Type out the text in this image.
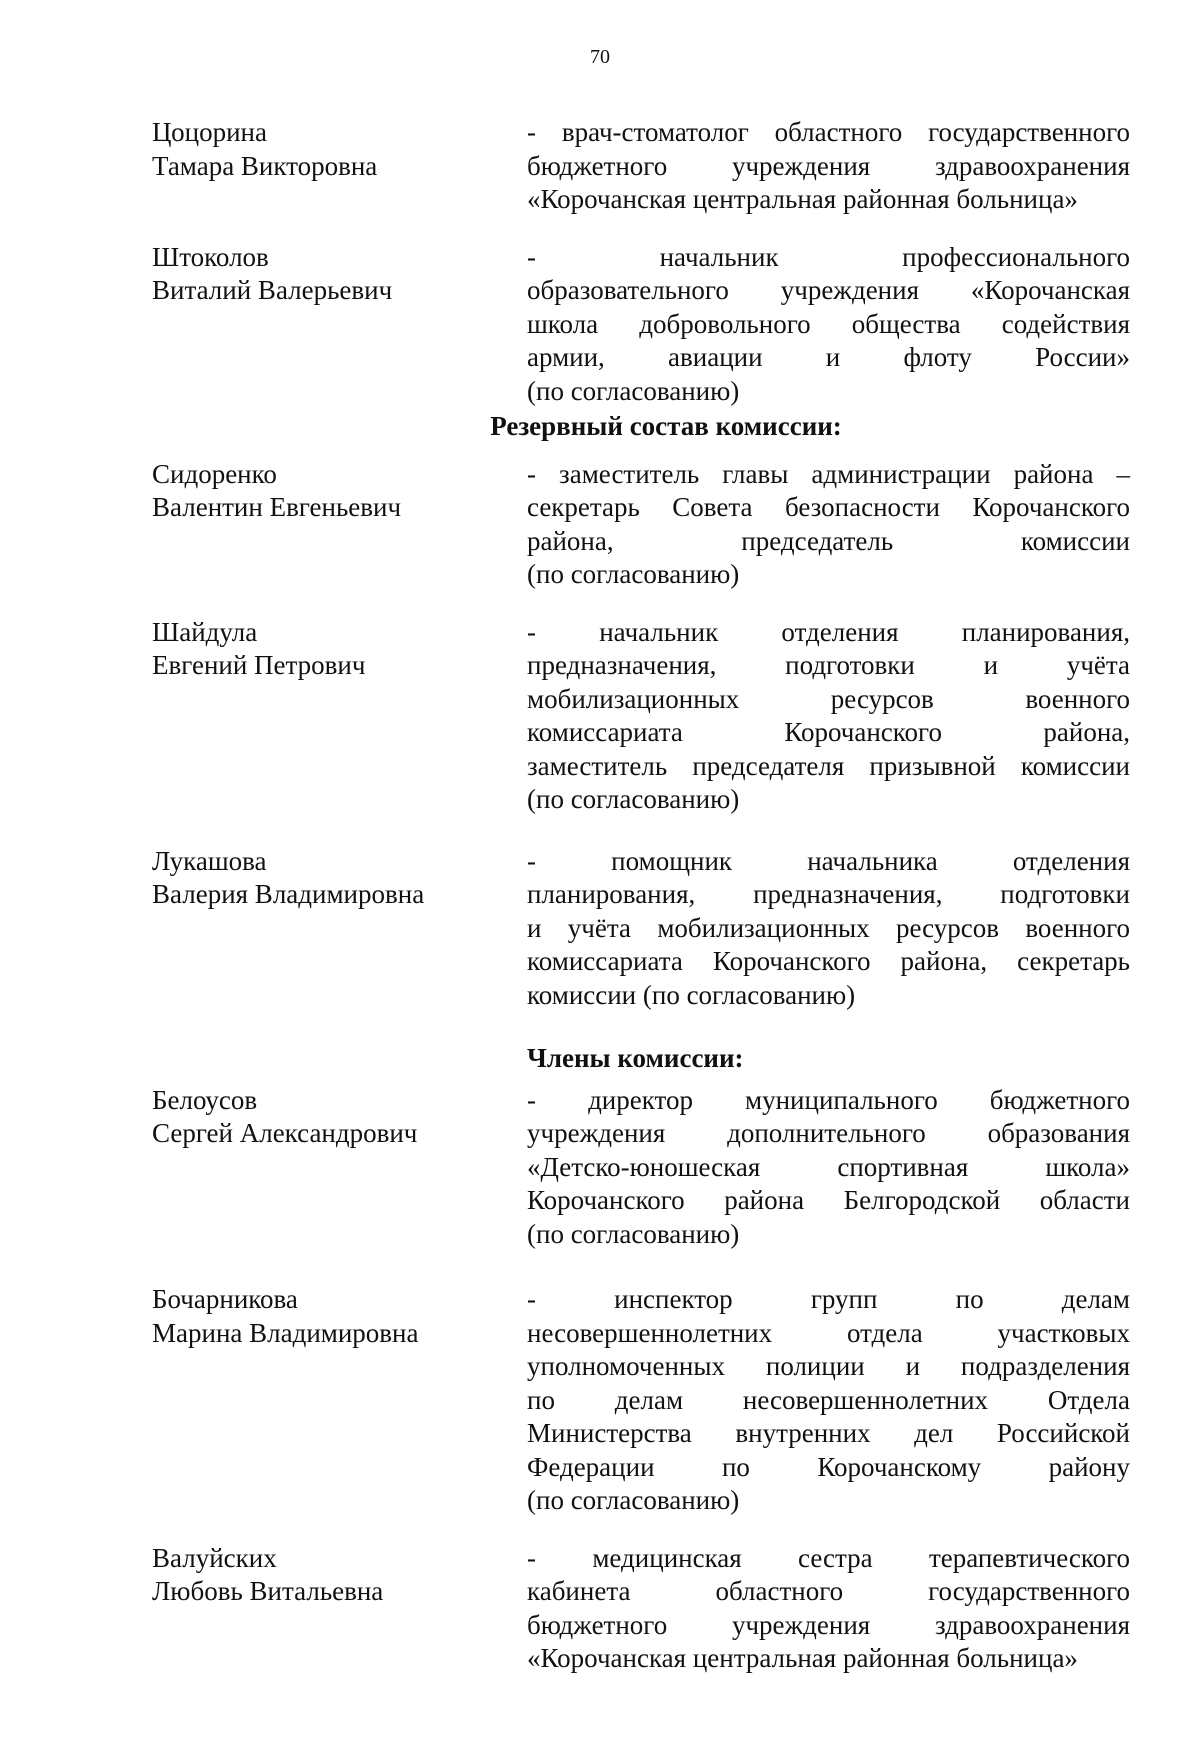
70
Цоцорина
Тамара Викторовна
- врач-стоматолог областного государственного
бюджетного учреждения здравоохранения
«Корочанская центральная районная больница»
Штоколов
Виталий Валерьевич
- начальник профессионального
образовательного учреждения «Корочанская
школа добровольного общества содействия
армии, авиации и флоту России»
(по согласованию)
Резервный состав комиссии:
Сидоренко
Валентин Евгеньевич
- заместитель главы администрации района –
секретарь Совета безопасности Корочанского
района, председатель комиссии
(по согласованию)
Шайдула
Евгений Петрович
- начальник отделения планирования,
предназначения, подготовки и учёта
мобилизационных ресурсов военного
комиссариата Корочанского района,
заместитель председателя призывной комиссии
(по согласованию)
Лукашова
Валерия Владимировна
- помощник начальника отделения
планирования, предназначения, подготовки
и учёта мобилизационных ресурсов военного
комиссариата Корочанского района, секретарь
комиссии (по согласованию)
Члены комиссии:
Белоусов
Сергей Александрович
- директор муниципального бюджетного
учреждения дополнительного образования
«Детско-юношеская спортивная школа»
Корочанского района Белгородской области
(по согласованию)
Бочарникова
Марина Владимировна
- инспектор групп по делам
несовершеннолетних отдела участковых
уполномоченных полиции и подразделения
по делам несовершеннолетних Отдела
Министерства внутренних дел Российской
Федерации по Корочанскому району
(по согласованию)
Валуйских
Любовь Витальевна
- медицинская сестра терапевтического
кабинета областного государственного
бюджетного учреждения здравоохранения
«Корочанская центральная районная больница»
